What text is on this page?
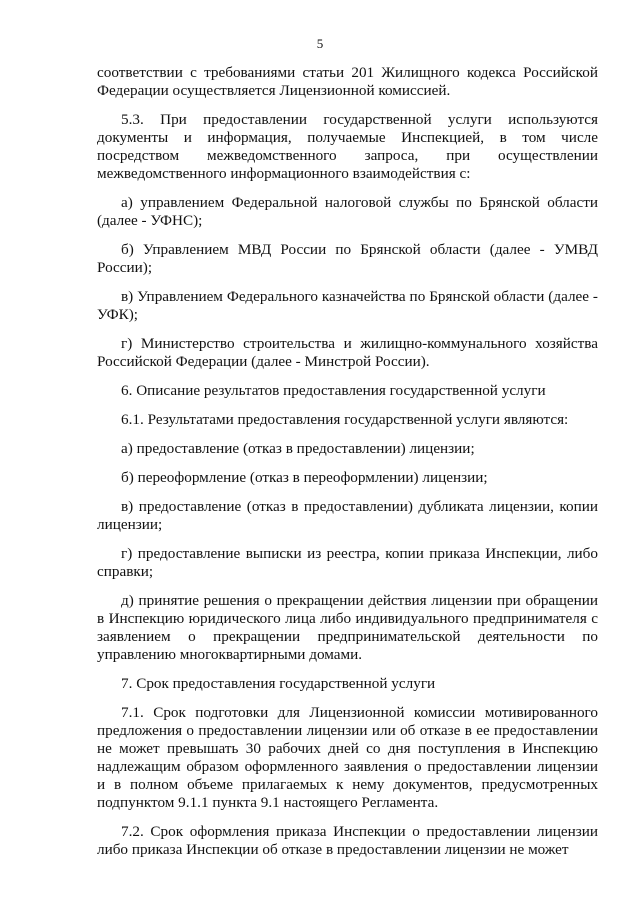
5

соответствии с требованиями статьи 201 Жилищного кодекса Российской Федерации осуществляется Лицензионной комиссией.

5.3. При предоставлении государственной услуги используются документы и информация, получаемые Инспекцией, в том числе посредством межведомственного запроса, при осуществлении межведомственного информационного взаимодействия с:

а) управлением Федеральной налоговой службы по Брянской области (далее - УФНС);

б) Управлением МВД России по Брянской области (далее - УМВД России);

в) Управлением Федерального казначейства по Брянской области (далее - УФК);

г) Министерство строительства и жилищно-коммунального хозяйства Российской Федерации (далее - Минстрой России).

6. Описание результатов предоставления государственной услуги

6.1. Результатами предоставления государственной услуги являются:

а) предоставление (отказ в предоставлении) лицензии;

б) переоформление (отказ в переоформлении) лицензии;

в) предоставление (отказ в предоставлении) дубликата лицензии, копии лицензии;

г) предоставление выписки из реестра, копии приказа Инспекции, либо справки;

д) принятие решения о прекращении действия лицензии при обращении в Инспекцию юридического лица либо индивидуального предпринимателя с заявлением о прекращении предпринимательской деятельности по управлению многоквартирными домами.

7. Срок предоставления государственной услуги

7.1. Срок подготовки для Лицензионной комиссии мотивированного предложения о предоставлении лицензии или об отказе в ее предоставлении не может превышать 30 рабочих дней со дня поступления в Инспекцию надлежащим образом оформленного заявления о предоставлении лицензии и в полном объеме прилагаемых к нему документов, предусмотренных подпунктом 9.1.1 пункта 9.1 настоящего Регламента.

7.2. Срок оформления приказа Инспекции о предоставлении лицензии либо приказа Инспекции об отказе в предоставлении лицензии не может
